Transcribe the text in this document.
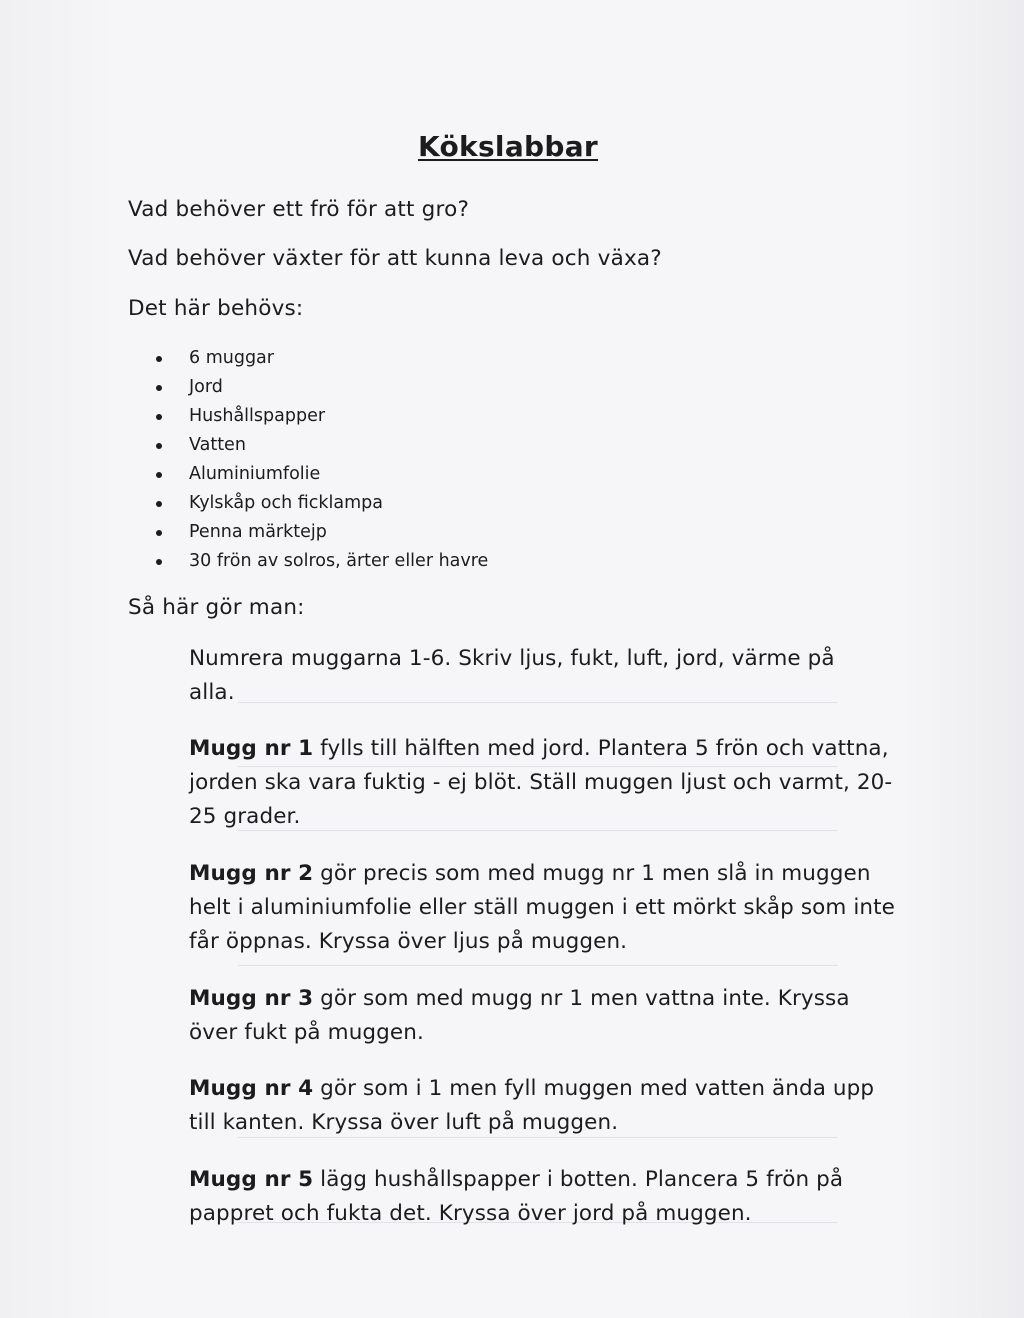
Kökslabbar
Vad behöver ett frö för att gro?
Vad behöver växter för att kunna leva och växa?
Det här behövs:
6 muggar
Jord
Hushållspapper
Vatten
Aluminiumfolie
Kylskåp och ficklampa
Penna märktejp
30 frön av solros, ärter eller havre
Så här gör man:
Numrera muggarna 1-6. Skriv ljus, fukt, luft, jord, värme på alla.
Mugg nr 1 fylls till hälften med jord. Plantera 5 frön och vattna, jorden ska vara fuktig - ej blöt. Ställ muggen ljust och varmt, 20-25 grader.
Mugg nr 2 gör precis som med mugg nr 1 men slå in muggen helt i aluminiumfolie eller ställ muggen i ett mörkt skåp som inte får öppnas. Kryssa över ljus på muggen.
Mugg nr 3 gör som med mugg nr 1 men vattna inte. Kryssa över fukt på muggen.
Mugg nr 4 gör som i 1 men fyll muggen med vatten ända upp till kanten. Kryssa över luft på muggen.
Mugg nr 5 lägg hushållspapper i botten. Plancera 5 frön på pappret och fukta det. Kryssa över jord på muggen.
